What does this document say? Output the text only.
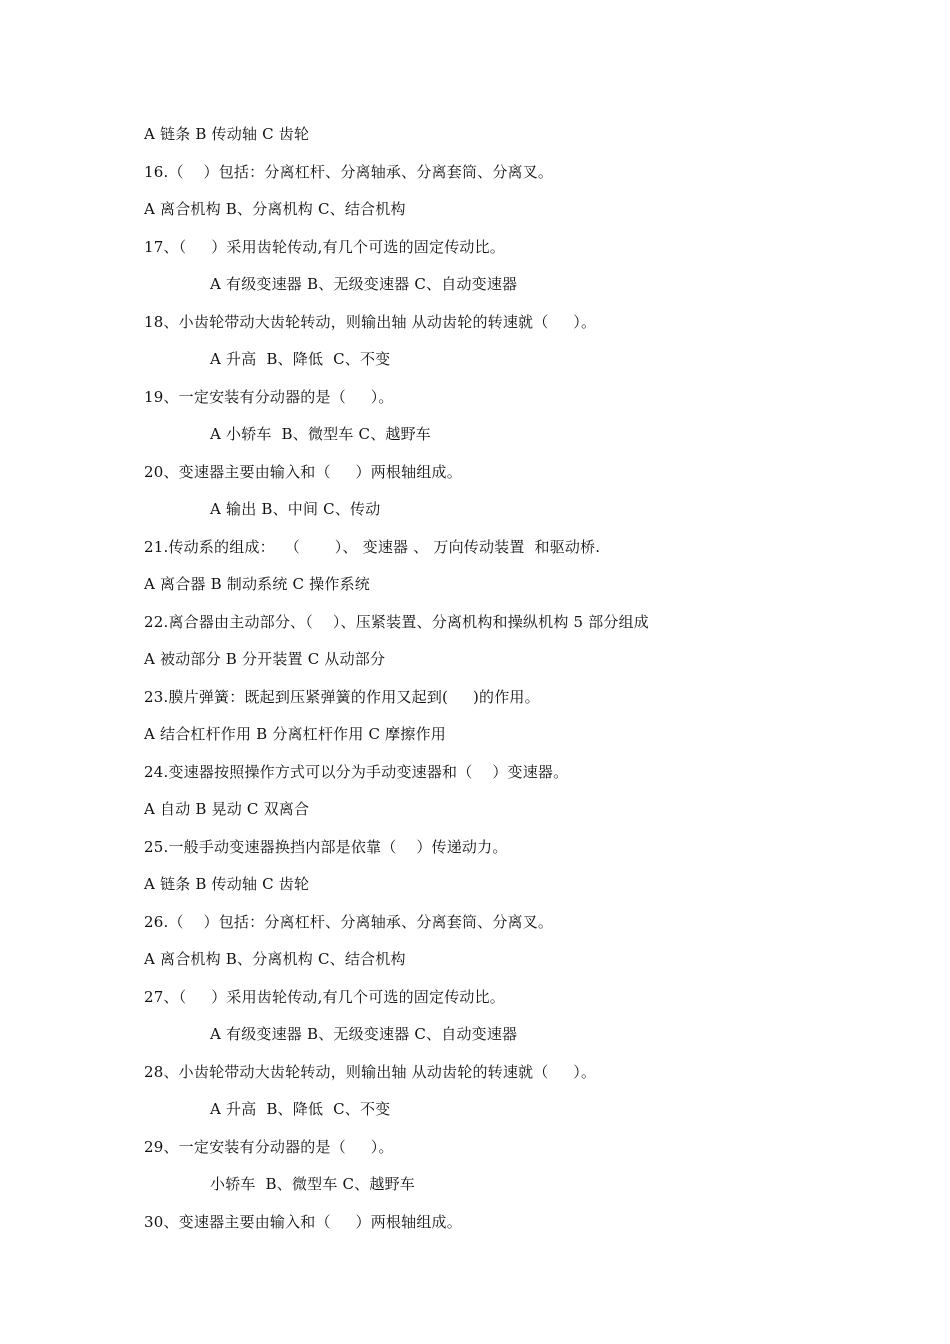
A 链条 B 传动轴 C 齿轮
16.（    ）包括：分离杠杆、分离轴承、分离套筒、分离叉。
A 离合机构 B、分离机构 C、结合机构
17、（     ）采用齿轮传动,有几个可选的固定传动比。
A 有级变速器 B、无级变速器 C、自动变速器
18、小齿轮带动大齿轮转动，则输出轴 从动齿轮的转速就（     ）。
A 升高  B、降低  C、不变
19、一定安装有分动器的是（     ）。
A 小轿车  B、微型车 C、越野车
20、变速器主要由输入和（     ）两根轴组成。
A 输出 B、中间 C、传动
21.传动系的组成：  （       ）、 变速器 、 万向传动装置  和驱动桥.
A 离合器 B 制动系统 C 操作系统
22.离合器由主动部分、（    ）、压紧装置、分离机构和操纵机构 5 部分组成
A 被动部分 B 分开装置 C 从动部分
23.膜片弹簧：既起到压紧弹簧的作用又起到(     )的作用。
A 结合杠杆作用 B 分离杠杆作用 C 摩擦作用
24.变速器按照操作方式可以分为手动变速器和（    ）变速器。
A 自动 B 晃动 C 双离合
25.一般手动变速器换挡内部是依靠（    ）传递动力。
A 链条 B 传动轴 C 齿轮
26.（    ）包括：分离杠杆、分离轴承、分离套筒、分离叉。
A 离合机构 B、分离机构 C、结合机构
27、（     ）采用齿轮传动,有几个可选的固定传动比。
A 有级变速器 B、无级变速器 C、自动变速器
28、小齿轮带动大齿轮转动，则输出轴 从动齿轮的转速就（     ）。
A 升高  B、降低  C、不变
29、一定安装有分动器的是（     ）。
小轿车  B、微型车 C、越野车
30、变速器主要由输入和（     ）两根轴组成。
